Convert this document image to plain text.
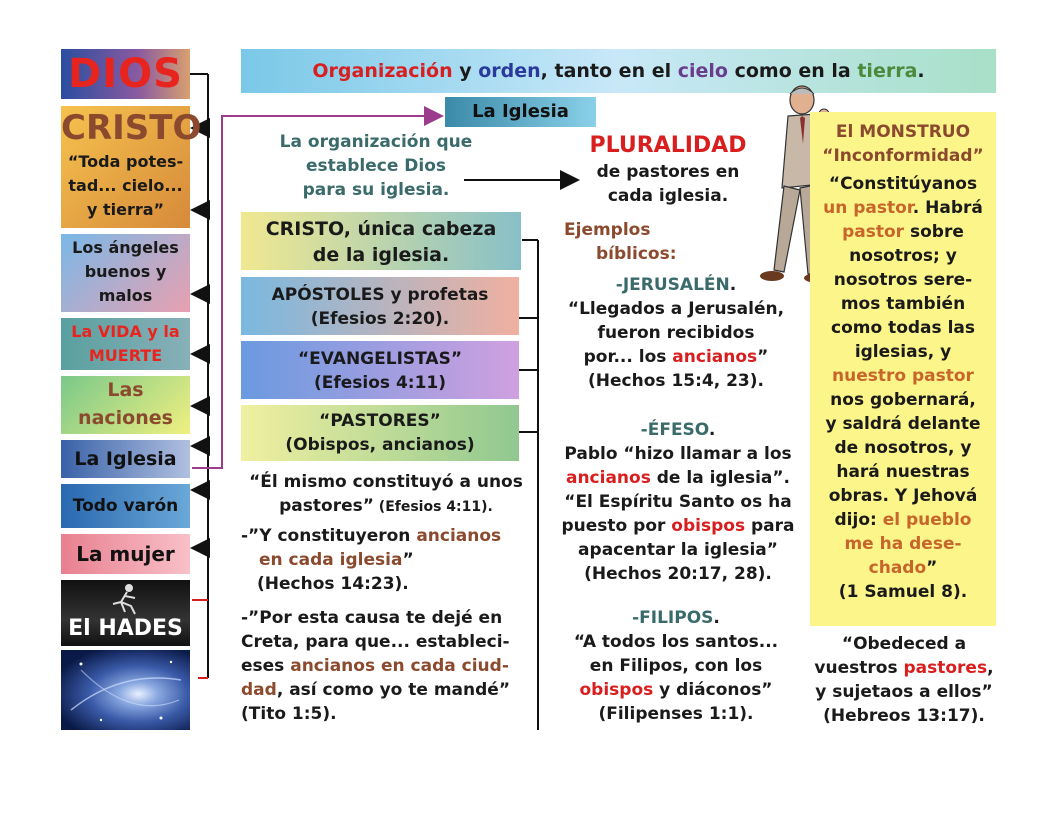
DIOS
CRISTO
“Toda potes-
tad... cielo...
y tierra”
Los ángeles
buenos y
malos
La VIDA y la
MUERTE
Las
naciones
La Iglesia
Todo varón
La mujer
El HADES
Organización y orden, tanto en el cielo como en la tierra.
La Iglesia
La organización que
establece Dios
para su iglesia.
PLURALIDAD
de pastores en
cada iglesia.
CRISTO, única cabeza
de la iglesia.
APÓSTOLES y profetas
(Efesios 2:20).
“EVANGELISTAS”
(Efesios 4:11)
“PASTORES”
(Obispos, ancianos)
“Él mismo constituyó a unos
pastores” (Efesios 4:11).
-”Y constituyeron ancianos
en cada iglesia”
(Hechos 14:23).
-”Por esta causa te dejé en
Creta, para que... estableci-
eses ancianos en cada ciud-
dad, así como yo te mandé”
(Tito 1:5).
Ejemplos
bíblicos:
-JERUSALÉN.
“Llegados a Jerusalén,
fueron recibidos
por... los ancianos”
(Hechos 15:4, 23).
-ÉFESO.
Pablo “hizo llamar a los
ancianos de la iglesia”.
“El Espíritu Santo os ha
puesto por obispos para
apacentar la iglesia”
(Hechos 20:17, 28).
-FILIPOS.
“A todos los santos...
en Filipos, con los
obispos y diáconos”
(Filipenses 1:1).
El MONSTRUO
“Inconformidad”
“Constitúyanos
un pastor. Habrá
pastor sobre
nosotros; y
nosotros sere-
mos también
como todas las
iglesias, y
nuestro pastor
nos gobernará,
y saldrá delante
de nosotros, y
hará nuestras
obras. Y Jehová
dijo: el pueblo
me ha dese-
chado”
(1 Samuel 8).
“Obedeced a
vuestros pastores,
y sujetaos a ellos”
(Hebreos 13:17).
